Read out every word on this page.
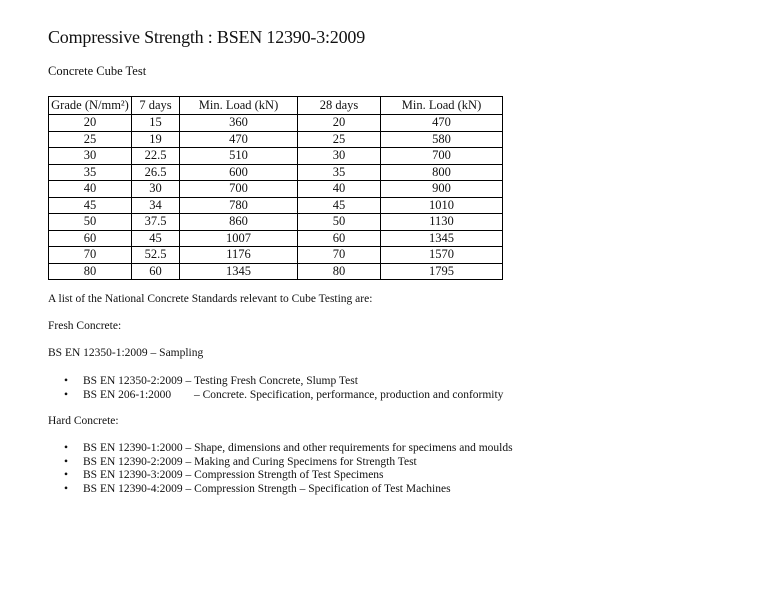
Compressive Strength : BSEN 12390-3:2009
Concrete Cube Test
Grade (N/mm²)	7 days	Min. Load (kN)	28 days	Min. Load (kN)
20	15	360	20	470
25	19	470	25	580
30	22.5	510	30	700
35	26.5	600	35	800
40	30	700	40	900
45	34	780	45	1010
50	37.5	860	50	1130
60	45	1007	60	1345
70	52.5	1176	70	1570
80	60	1345	80	1795
A list of the National Concrete Standards relevant to Cube Testing are:
Fresh Concrete:
BS EN 12350-1:2009 – Sampling
• BS EN 12350-2:2009 – Testing Fresh Concrete, Slump Test
• BS EN 206-1:2000 – Concrete. Specification, performance, production and conformity
Hard Concrete:
• BS EN 12390-1:2000 – Shape, dimensions and other requirements for specimens and moulds
• BS EN 12390-2:2009 – Making and Curing Specimens for Strength Test
• BS EN 12390-3:2009 – Compression Strength of Test Specimens
• BS EN 12390-4:2009 – Compression Strength – Specification of Test Machines
